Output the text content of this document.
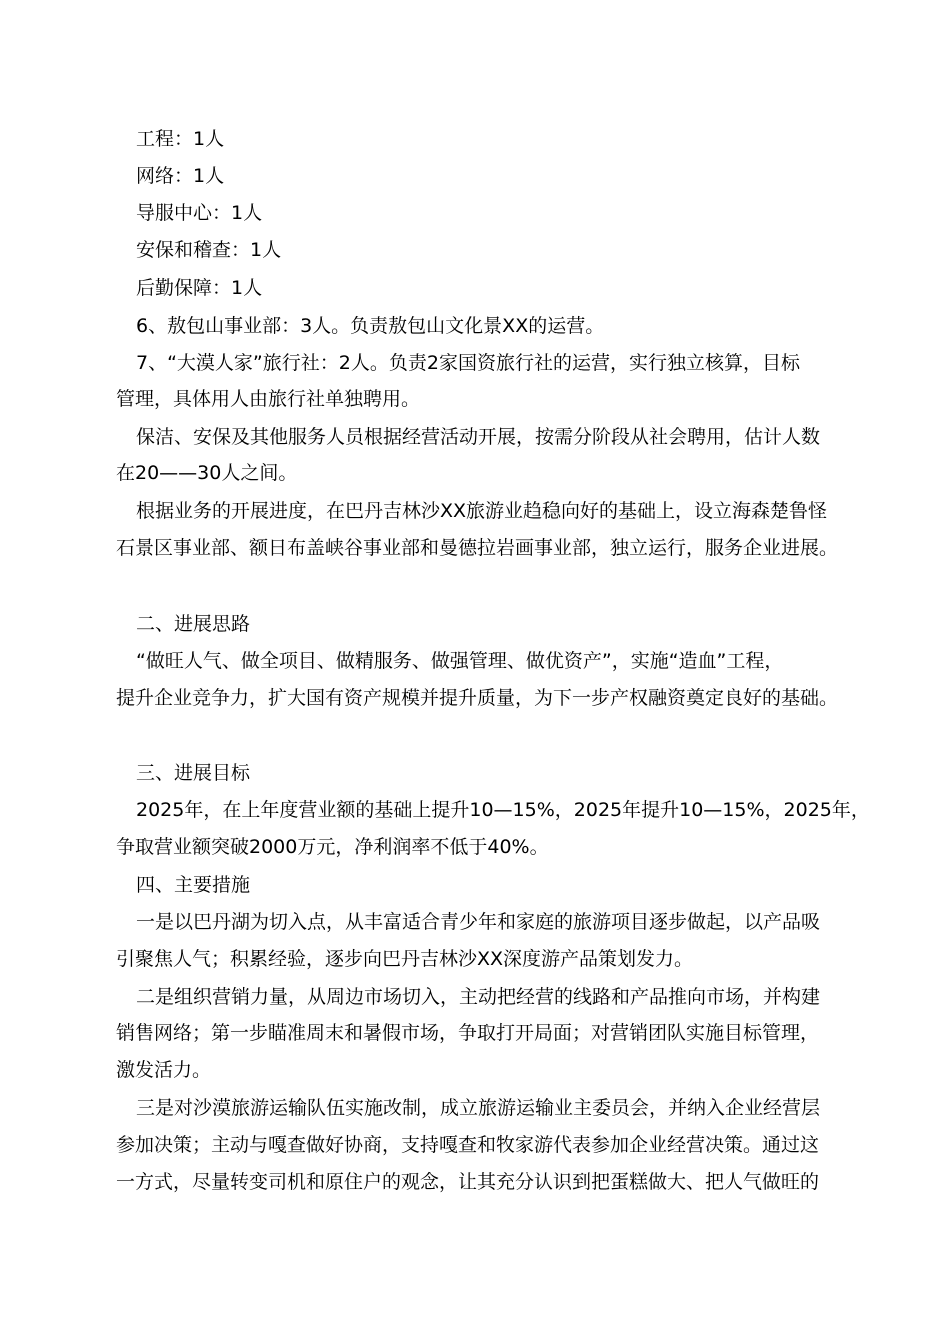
工程：1人
网络：1人
导服中心：1人
安保和稽查：1人
后勤保障：1人
6、敖包山事业部：3人。负责敖包山文化景XX的运营。
7、“大漠人家”旅行社：2人。负责2家国资旅行社的运营，实行独立核算，目标
管理，具体用人由旅行社单独聘用。
保洁、安保及其他服务人员根据经营活动开展，按需分阶段从社会聘用，估计人数
在20——30人之间。
根据业务的开展进度，在巴丹吉林沙XX旅游业趋稳向好的基础上，设立海森楚鲁怪
石景区事业部、额日布盖峡谷事业部和曼德拉岩画事业部，独立运行，服务企业进展。
二、进展思路
“做旺人气、做全项目、做精服务、做强管理、做优资产”，实施“造血”工程，
提升企业竞争力，扩大国有资产规模并提升质量，为下一步产权融资奠定良好的基础。
三、进展目标
2025年，在上年度营业额的基础上提升10—15%，2025年提升10—15%，2025年，
争取营业额突破2000万元，净利润率不低于40%。
四、主要措施
一是以巴丹湖为切入点，从丰富适合青少年和家庭的旅游项目逐步做起，以产品吸
引聚焦人气；积累经验，逐步向巴丹吉林沙XX深度游产品策划发力。
二是组织营销力量，从周边市场切入，主动把经营的线路和产品推向市场，并构建
销售网络；第一步瞄准周末和暑假市场，争取打开局面；对营销团队实施目标管理，
激发活力。
三是对沙漠旅游运输队伍实施改制，成立旅游运输业主委员会，并纳入企业经营层
参加决策；主动与嘎查做好协商，支持嘎查和牧家游代表参加企业经营决策。通过这
一方式，尽量转变司机和原住户的观念，让其充分认识到把蛋糕做大、把人气做旺的
